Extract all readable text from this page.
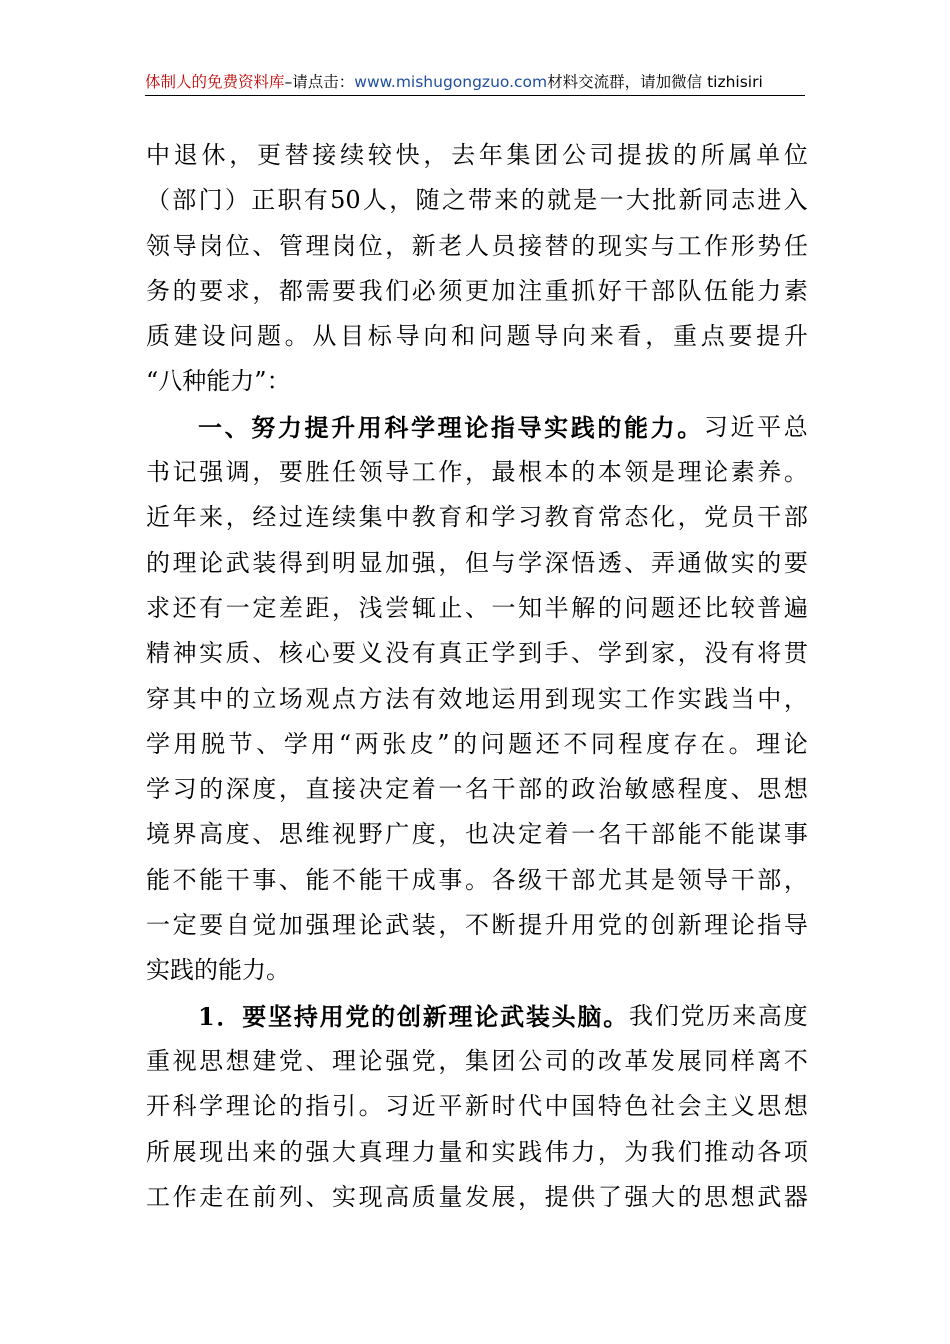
体制人的免费资料库–请点击：www.mishugongzuo.com材料交流群，请加微信 tizhisiri
中 退 休 ， 更 替 接 续 较 快 ， 去 年 集 团 公 司 提 拔 的 所 属 单 位
（ 部 门 ） 正 职 有 50 人 ， 随 之 带 来 的 就 是 一 大 批 新 同 志 进 入
领 导 岗 位 、 管 理 岗 位 ， 新 老 人 员 接 替 的 现 实 与 工 作 形 势 任
务 的 要 求 ， 都 需 要 我 们 必 须 更 加 注 重 抓 好 干 部 队 伍 能 力 素
质 建 设 问 题 。 从 目 标 导 向 和 问 题 导 向 来 看 ， 重 点 要 提 升
“ 八 种 能 力 ” ：
一 、 努 力 提 升 用 科 学 理 论 指 导 实 践 的 能 力 。 习 近 平 总
书 记 强 调 ， 要 胜 任 领 导 工 作 ， 最 根 本 的 本 领 是 理 论 素 养 。
近 年 来 ， 经 过 连 续 集 中 教 育 和 学 习 教 育 常 态 化 ， 党 员 干 部
的 理 论 武 装 得 到 明 显 加 强 ， 但 与 学 深 悟 透 、 弄 通 做 实 的 要
求 还 有 一 定 差 距 ， 浅 尝 辄 止 、 一 知 半 解 的 问 题 还 比 较 普 遍
精 神 实 质 、 核 心 要 义 没 有 真 正 学 到 手 、 学 到 家 ， 没 有 将 贯
穿 其 中 的 立 场 观 点 方 法 有 效 地 运 用 到 现 实 工 作 实 践 当 中 ，
学 用 脱 节 、 学 用 “ 两 张 皮 ” 的 问 题 还 不 同 程 度 存 在 。 理 论
学 习 的 深 度 ， 直 接 决 定 着 一 名 干 部 的 政 治 敏 感 程 度 、 思 想
境 界 高 度 、 思 维 视 野 广 度 ， 也 决 定 着 一 名 干 部 能 不 能 谋 事
能 不 能 干 事 、 能 不 能 干 成 事 。 各 级 干 部 尤 其 是 领 导 干 部 ，
一 定 要 自 觉 加 强 理 论 武 装 ， 不 断 提 升 用 党 的 创 新 理 论 指 导
实 践 的 能 力 。
1 ． 要 坚 持 用 党 的 创 新 理 论 武 装 头 脑 。 我 们 党 历 来 高 度
重 视 思 想 建 党 、 理 论 强 党 ， 集 团 公 司 的 改 革 发 展 同 样 离 不
开 科 学 理 论 的 指 引 。 习 近 平 新 时 代 中 国 特 色 社 会 主 义 思 想
所 展 现 出 来 的 强 大 真 理 力 量 和 实 践 伟 力 ， 为 我 们 推 动 各 项
工 作 走 在 前 列 、 实 现 高 质 量 发 展 ， 提 供 了 强 大 的 思 想 武 器
